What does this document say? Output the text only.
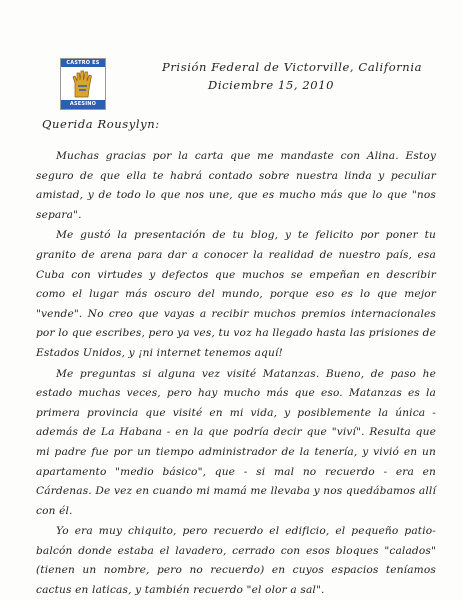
CASTRO ES
ASESINO
Prisión Federal de Victorville, California
Diciembre 15, 2010
Querida Rousylyn:

Muchas gracias por la carta que me mandaste con Alina. Estoy seguro de que ella te habrá contado sobre nuestra linda y peculiar amistad, y de todo lo que nos une, que es mucho más que lo que "nos separa".

Me gustó la presentación de tu blog, y te felicito por poner tu granito de arena para dar a conocer la realidad de nuestro país, esa Cuba con virtudes y defectos que muchos se empeñan en describir como el lugar más oscuro del mundo, porque eso es lo que mejor "vende". No creo que vayas a recibir muchos premios internacionales por lo que escribes, pero ya ves, tu voz ha llegado hasta las prisiones de Estados Unidos, y ¡ni internet tenemos aquí!

Me preguntas si alguna vez visité Matanzas. Bueno, de paso he estado muchas veces, pero hay mucho más que eso. Matanzas es la primera provincia que visité en mi vida, y posiblemente la única - además de La Habana - en la que podría decir que "viví". Resulta que mi padre fue por un tiempo administrador de la tenería, y vivió en un apartamento "medio básico", que - si mal no recuerdo - era en Cárdenas. De vez en cuando mi mamá me llevaba y nos quedábamos allí con él.

Yo era muy chiquito, pero recuerdo el edificio, el pequeño patio-balcón donde estaba el lavadero, cerrado con esos bloques "calados" (tienen un nombre, pero no recuerdo) en cuyos espacios teníamos cactus en laticas, y también recuerdo "el olor a sal".
